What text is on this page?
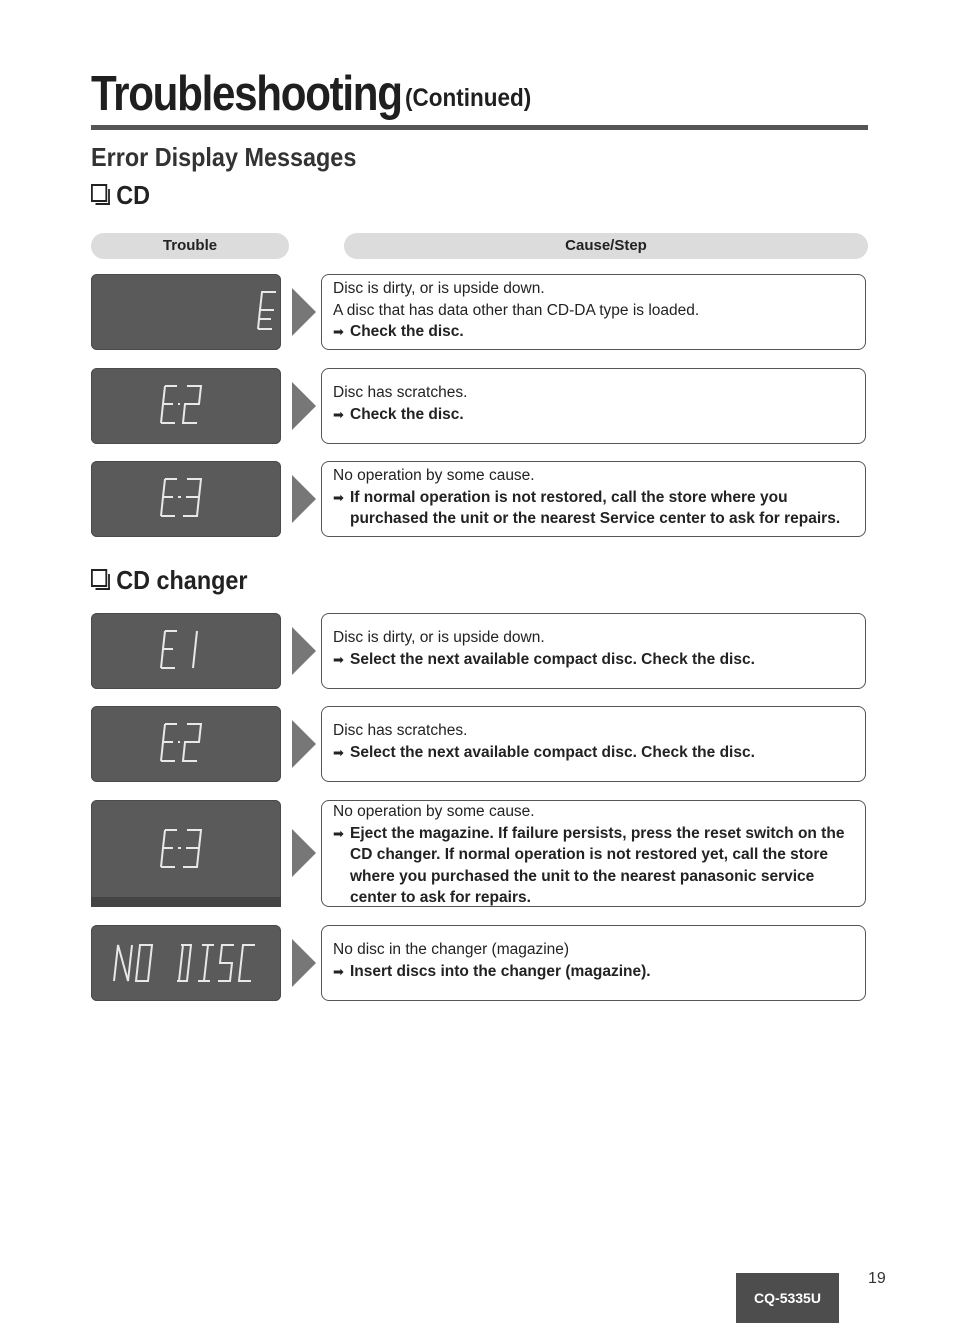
Troubleshooting (Continued)
Error Display Messages
CD
Trouble	Cause/Step
Disc is dirty, or is upside down.
A disc that has data other than CD-DA type is loaded.
➡ Check the disc.
Disc has scratches.
➡ Check the disc.
No operation by some cause.
➡ If normal operation is not restored, call the store where you purchased the unit or the nearest Service center to ask for repairs.
CD changer
Disc is dirty, or is upside down.
➡ Select the next available compact disc. Check the disc.
Disc has scratches.
➡ Select the next available compact disc. Check the disc.
No operation by some cause.
➡ Eject the magazine. If failure persists, press the reset switch on the CD changer. If normal operation is not restored yet, call the store where you purchased the unit to the nearest panasonic service center to ask for repairs.
No disc in the changer (magazine)
➡ Insert discs into the changer (magazine).
CQ-5335U
19
